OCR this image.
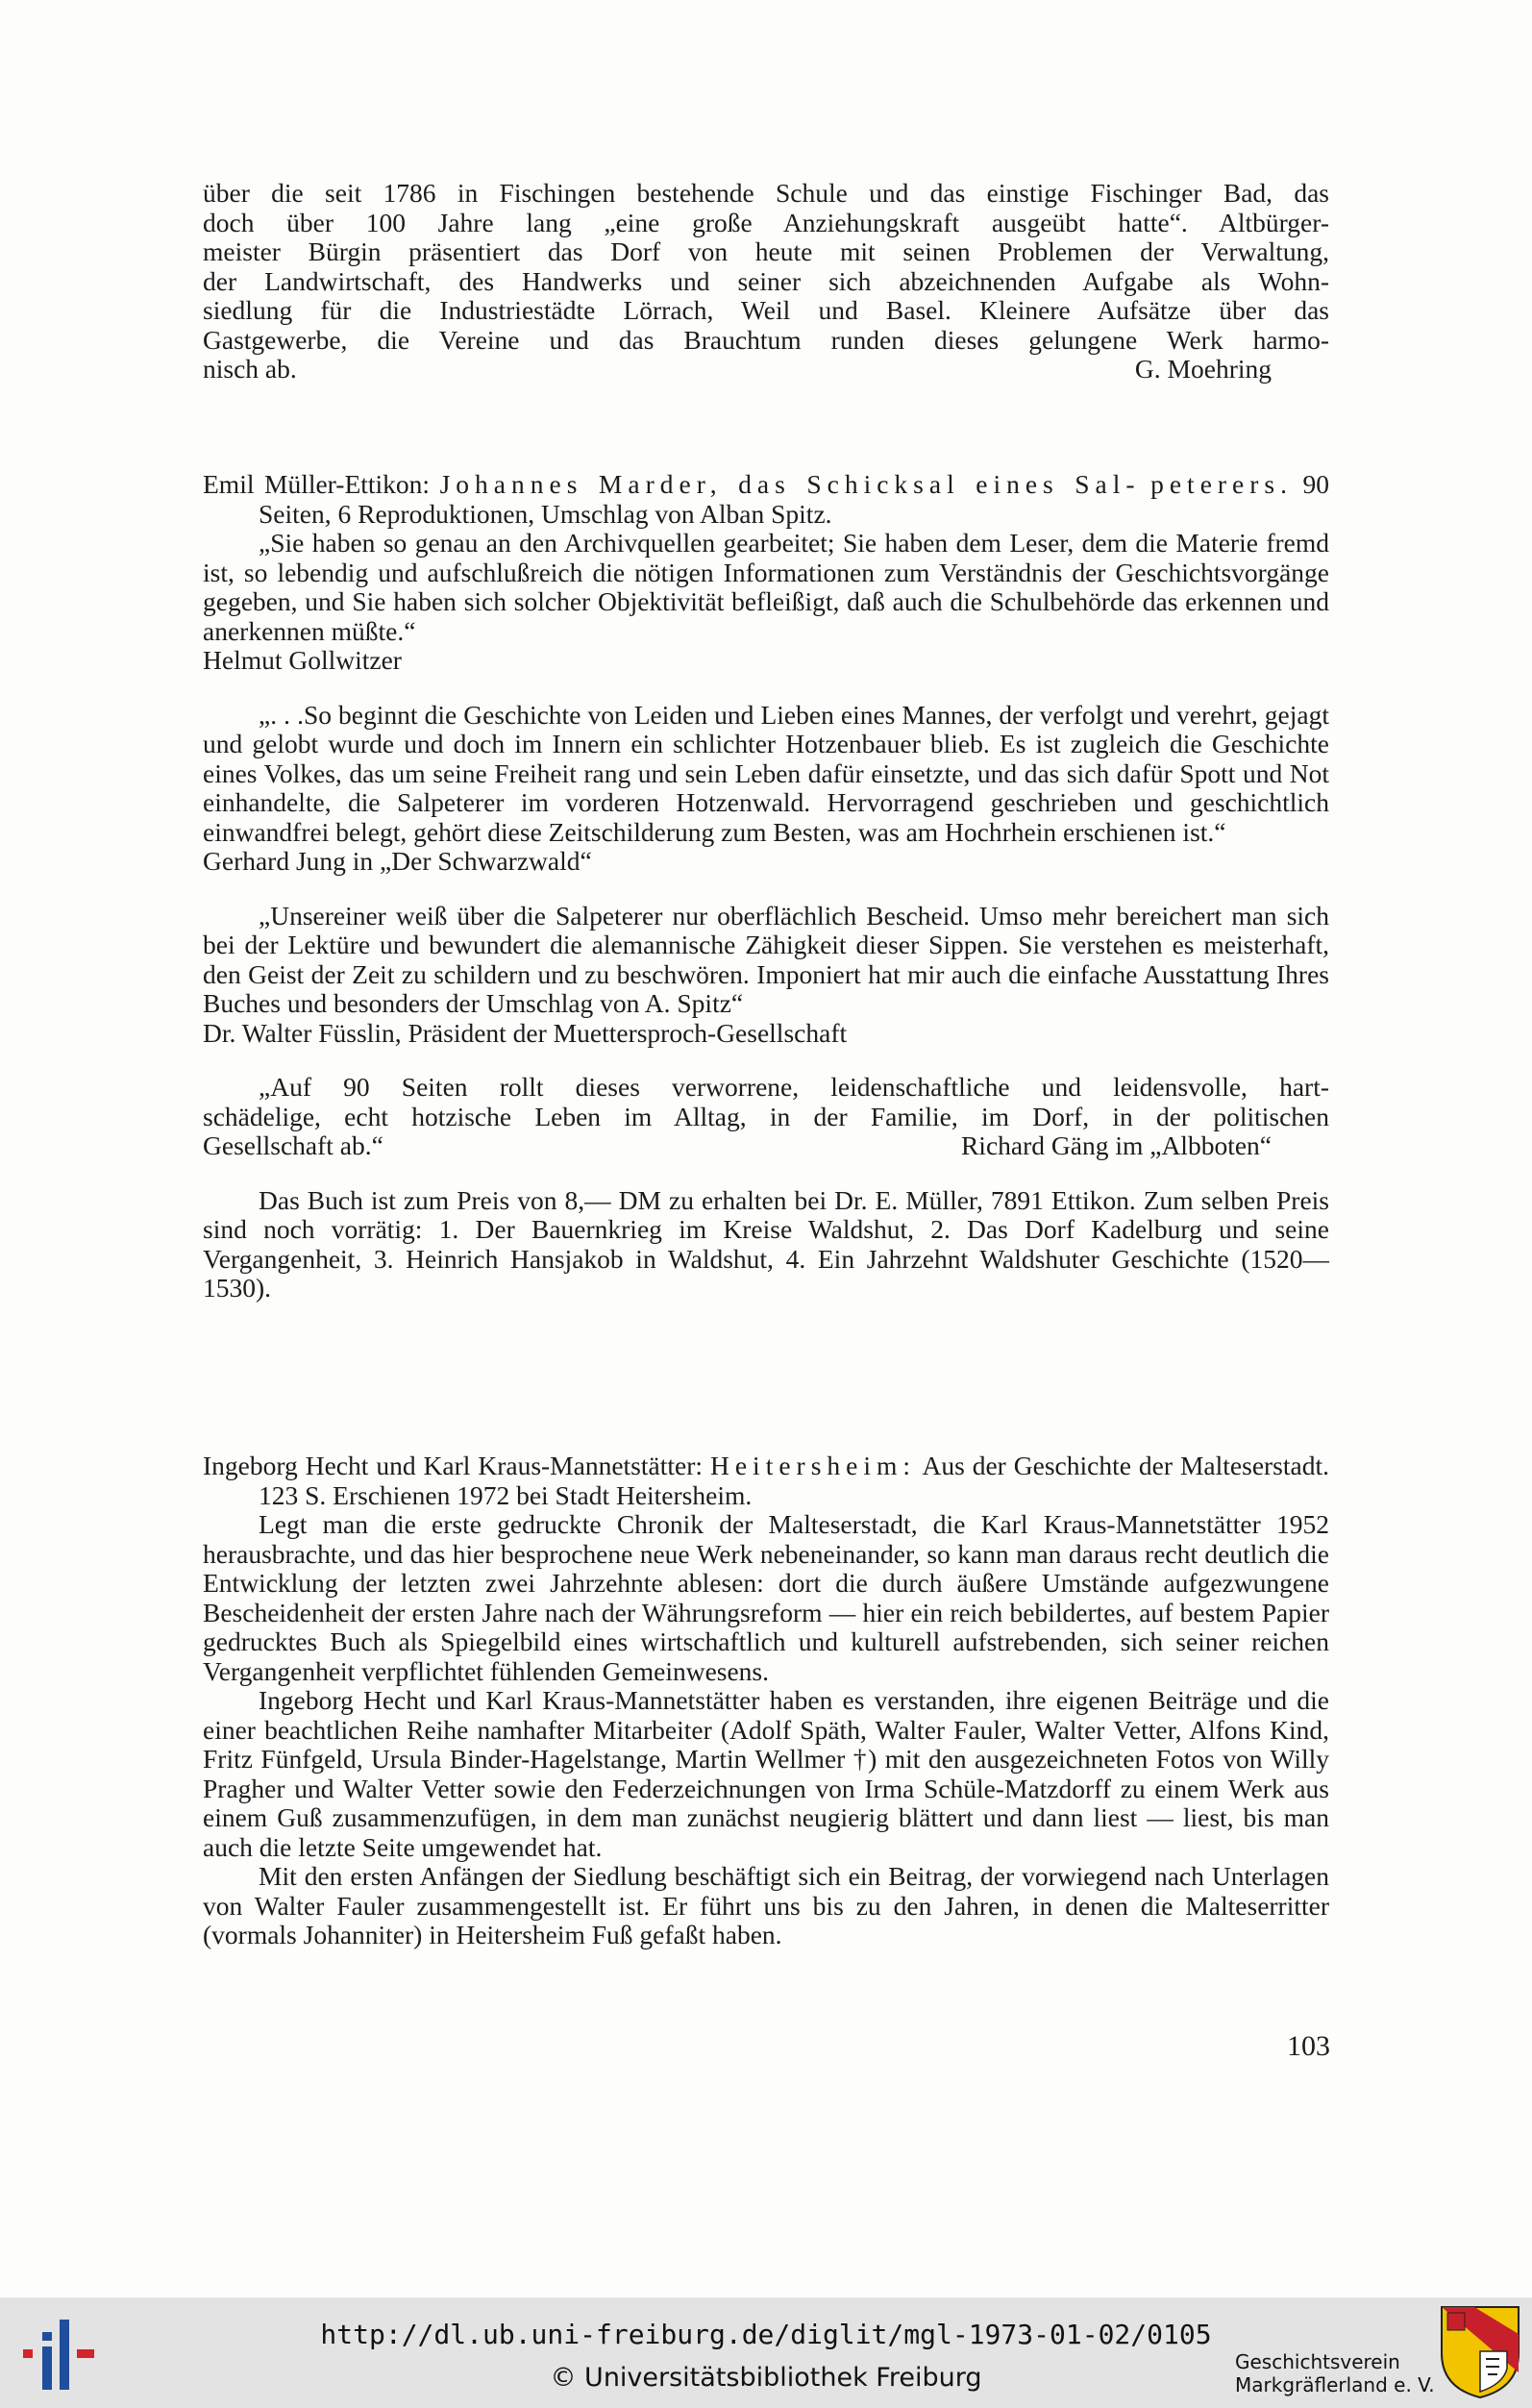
über die seit 1786 in Fischingen bestehende Schule und das einstige Fischinger Bad, das

doch über 100 Jahre lang „eine große Anziehungskraft ausgeübt hatte“. Altbürger-

meister Bürgin präsentiert das Dorf von heute mit seinen Problemen der Verwaltung,

der Landwirtschaft, des Handwerks und seiner sich abzeichnenden Aufgabe als Wohn-

siedlung für die Industriestädte Lörrach, Weil und Basel. Kleinere Aufsätze über das

Gastgewerbe, die Vereine und das Brauchtum runden dieses gelungene Werk harmo-

nisch ab.	G. Moehring

Emil Müller-Ettikon: Johannes Marder, das Schicksal eines Sal- peterers. 90 Seiten, 6 Reproduktionen, Umschlag von Alban Spitz.

„Sie haben so genau an den Archivquellen gearbeitet; Sie haben dem Leser, dem die Materie fremd ist, so lebendig und aufschlußreich die nötigen Informationen zum Verständnis der Geschichtsvorgänge gegeben, und Sie haben sich solcher Objektivität befleißigt, daß auch die Schulbehörde das erkennen und anerkennen müßte.“

Helmut Gollwitzer

„. . .So beginnt die Geschichte von Leiden und Lieben eines Mannes, der verfolgt und verehrt, gejagt und gelobt wurde und doch im Innern ein schlichter Hotzenbauer blieb. Es ist zugleich die Geschichte eines Volkes, das um seine Freiheit rang und sein Leben dafür einsetzte, und das sich dafür Spott und Not einhandelte, die Salpeterer im vorderen Hotzenwald. Hervorragend geschrieben und geschichtlich einwandfrei belegt, gehört diese Zeitschilderung zum Besten, was am Hochrhein erschienen ist.“

Gerhard Jung in „Der Schwarzwald“

„Unsereiner weiß über die Salpeterer nur oberflächlich Bescheid. Umso mehr bereichert man sich bei der Lektüre und bewundert die alemannische Zähigkeit dieser Sippen. Sie verstehen es meisterhaft, den Geist der Zeit zu schildern und zu beschwören. Imponiert hat mir auch die einfache Ausstattung Ihres Buches und besonders der Umschlag von A. Spitz“

Dr. Walter Füsslin, Präsident der Muettersproch-Gesellschaft

„Auf 90 Seiten rollt dieses verworrene, leidenschaftliche und leidensvolle, hart-

schädelige, echt hotzische Leben im Alltag, in der Familie, im Dorf, in der politischen

Gesellschaft ab.“	Richard Gäng im „Albboten“

Das Buch ist zum Preis von 8,— DM zu erhalten bei Dr. E. Müller, 7891 Ettikon. Zum selben Preis sind noch vorrätig: 1. Der Bauernkrieg im Kreise Waldshut, 2. Das Dorf Kadelburg und seine Vergangenheit, 3. Heinrich Hansjakob in Waldshut, 4. Ein Jahrzehnt Waldshuter Geschichte (1520—1530).

Ingeborg Hecht und Karl Kraus-Mannetstätter: Heitersheim: Aus der Geschichte der Malteserstadt. 123 S. Erschienen 1972 bei Stadt Heitersheim.

Legt man die erste gedruckte Chronik der Malteserstadt, die Karl Kraus-Mannetstätter 1952 herausbrachte, und das hier besprochene neue Werk nebeneinander, so kann man daraus recht deutlich die Entwicklung der letzten zwei Jahrzehnte ablesen: dort die durch äußere Umstände aufgezwungene Bescheidenheit der ersten Jahre nach der Währungsreform — hier ein reich bebildertes, auf bestem Papier gedrucktes Buch als Spiegelbild eines wirtschaftlich und kulturell aufstrebenden, sich seiner reichen Vergangenheit verpflichtet fühlenden Gemeinwesens.

Ingeborg Hecht und Karl Kraus-Mannetstätter haben es verstanden, ihre eigenen Beiträge und die einer beachtlichen Reihe namhafter Mitarbeiter (Adolf Späth, Walter Fauler, Walter Vetter, Alfons Kind, Fritz Fünfgeld, Ursula Binder-Hagelstange, Martin Wellmer †) mit den ausgezeichneten Fotos von Willy Pragher und Walter Vetter sowie den Federzeichnungen von Irma Schüle-Matzdorff zu einem Werk aus einem Guß zusammenzufügen, in dem man zunächst neugierig blättert und dann liest — liest, bis man auch die letzte Seite umgewendet hat.

Mit den ersten Anfängen der Siedlung beschäftigt sich ein Beitrag, der vorwiegend nach Unterlagen von Walter Fauler zusammengestellt ist. Er führt uns bis zu den Jahren, in denen die Malteserritter (vormals Johanniter) in Heitersheim Fuß gefaßt haben.

103
http://dl.ub.uni-freiburg.de/diglit/mgl-1973-01-02/0105
© Universitätsbibliothek Freiburg
Geschichtsverein
Markgräflerland e. V.
